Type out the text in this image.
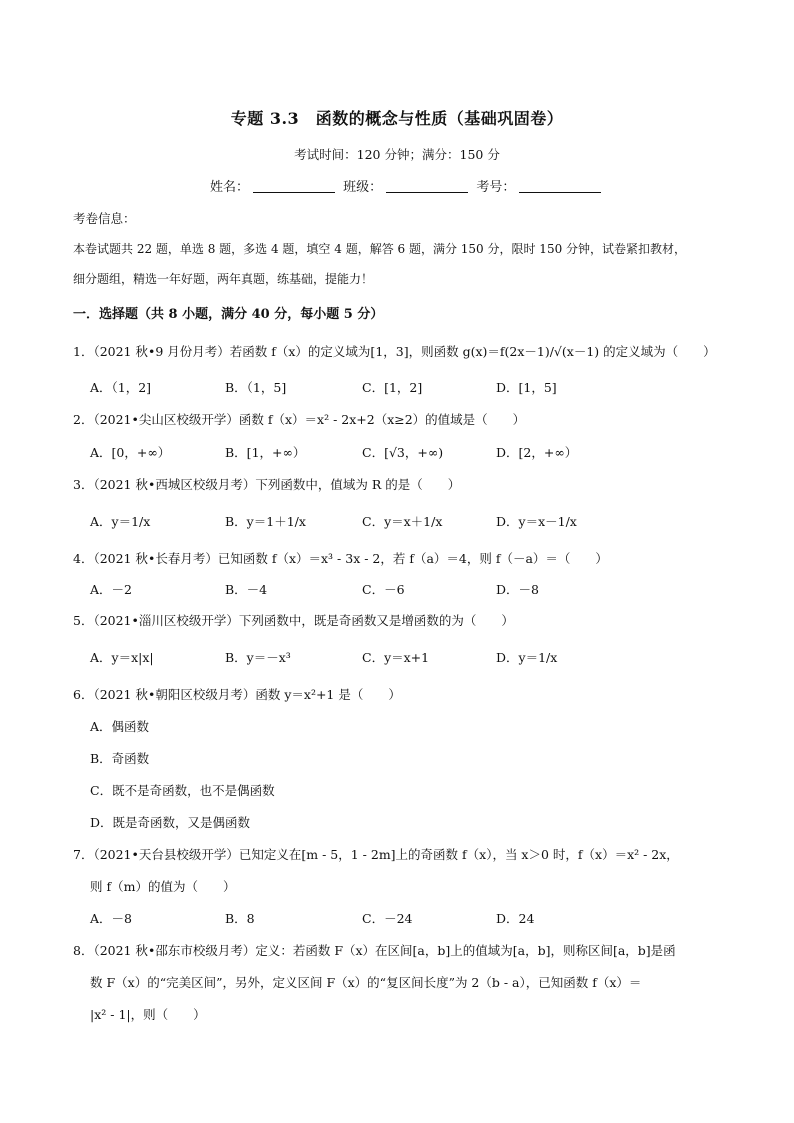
专题 3.3　函数的概念与性质（基础巩固卷）
考试时间：120 分钟；满分：150 分
姓名：	班级：	考号：
考卷信息：
本卷试题共 22 题，单选 8 题，多选 4 题，填空 4 题，解答 6 题，满分 150 分，限时 150 分钟，试卷紧扣教材，
细分题组，精选一年好题，两年真题，练基础，提能力！
一．选择题（共 8 小题，满分 40 分，每小题 5 分）
1．（2021 秋•9 月份月考）若函数 f（x）的定义域为[1，3]，则函数 g(x)＝f(2x－1)/√(x－1) 的定义域为（　　）
A．（1，2]	B．（1，5]	C．[1，2]	D．[1，5]
2．（2021•尖山区校级开学）函数 f（x）＝x² - 2x+2（x≥2）的值域是（　　）
A．[0，+∞）	B．[1，+∞）	C．[√3，+∞)	D．[2，+∞）
3．（2021 秋•西城区校级月考）下列函数中，值域为 R 的是（　　）
A．y＝1/x	B．y＝1＋1/x	C．y＝x＋1/x	D．y＝x－1/x
4．（2021 秋•长春月考）已知函数 f（x）＝x³ - 3x - 2，若 f（a）＝4，则 f（－a）＝（　　）
A．－2	B．－4	C．－6	D．－8
5．（2021•淄川区校级开学）下列函数中，既是奇函数又是增函数的为（　　）
A．y＝x|x|	B．y＝－x³	C．y＝x+1	D．y＝1/x
6．（2021 秋•朝阳区校级月考）函数 y＝x²+1 是（　　）
A．偶函数
B．奇函数
C．既不是奇函数，也不是偶函数
D．既是奇函数，又是偶函数
7．（2021•天台县校级开学）已知定义在[m - 5，1 - 2m]上的奇函数 f（x），当 x＞0 时，f（x）＝x² - 2x，
则 f（m）的值为（　　）
A．－8	B．8	C．－24	D．24
8．（2021 秋•邵东市校级月考）定义：若函数 F（x）在区间[a，b]上的值域为[a，b]，则称区间[a，b]是函
数 F（x）的“完美区间”，另外，定义区间 F（x）的“复区间长度”为 2（b - a），已知函数 f（x）＝
|x² - 1|，则（　　）
